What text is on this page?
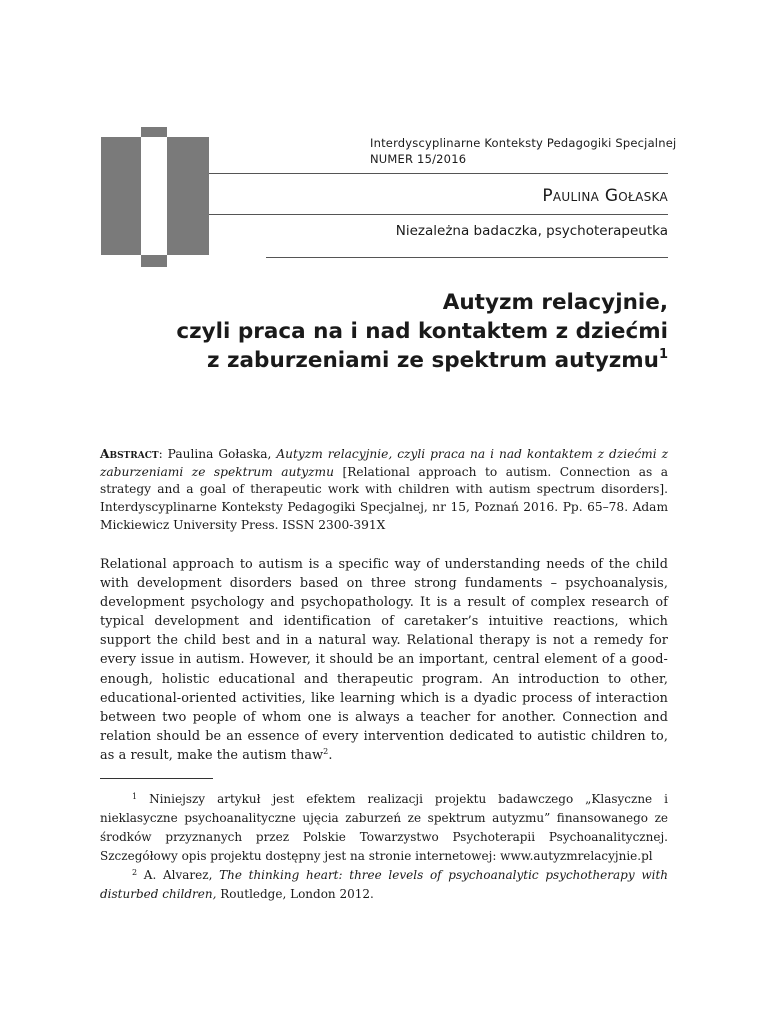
Interdyscyplinarne Konteksty Pedagogiki Specjalnej
NUMER 15/2016
Paulina Gołaska
Niezależna badaczka, psychoterapeutka
Autyzm relacyjnie,
czyli praca na i nad kontaktem z dziećmi
z zaburzeniami ze spektrum autyzmu$^1$
Abstract: Paulina Gołaska, Autyzm relacyjnie, czyli praca na i nad kontaktem z dziećmi z zaburzeniami ze spektrum autyzmu [Relational approach to autism. Connection as a strategy and a goal of therapeutic work with children with autism spectrum disorders]. Interdyscyplinarne Konteksty Pedagogiki Specjalnej, nr 15, Poznań 2016. Pp. 65–78. Adam Mickiewicz University Press. ISSN 2300-391X
Relational approach to autism is a specific way of understanding needs of the child with development disorders based on three strong fundaments – psychoanalysis, development psychology and psychopathology. It is a result of complex research of typical development and identification of caretaker’s intuitive reactions, which support the child best and in a natural way. Relational therapy is not a remedy for every issue in autism. However, it should be an important, central element of a good-enough, holistic educational and therapeutic program. An introduction to other, educational-oriented activities, like learning which is a dyadic process of interaction between two people of whom one is always a teacher for another. Connection and relation should be an essence of every intervention dedicated to autistic children to, as a result, make the autism thaw$^2$.

$^1$ Niniejszy artykuł jest efektem realizacji projektu badawczego „Klasyczne i nieklasyczne psychoanalityczne ujęcia zaburzeń ze spektrum autyzmu” finansowanego ze środków przyznanych przez Polskie Towarzystwo Psychoterapii Psychoanalitycznej. Szczegółowy opis projektu dostępny jest na stronie internetowej: www.autyzmrelacyjnie.pl

$^2$ A. Alvarez, The thinking heart: three levels of psychoanalytic psychotherapy with disturbed children, Routledge, London 2012.
